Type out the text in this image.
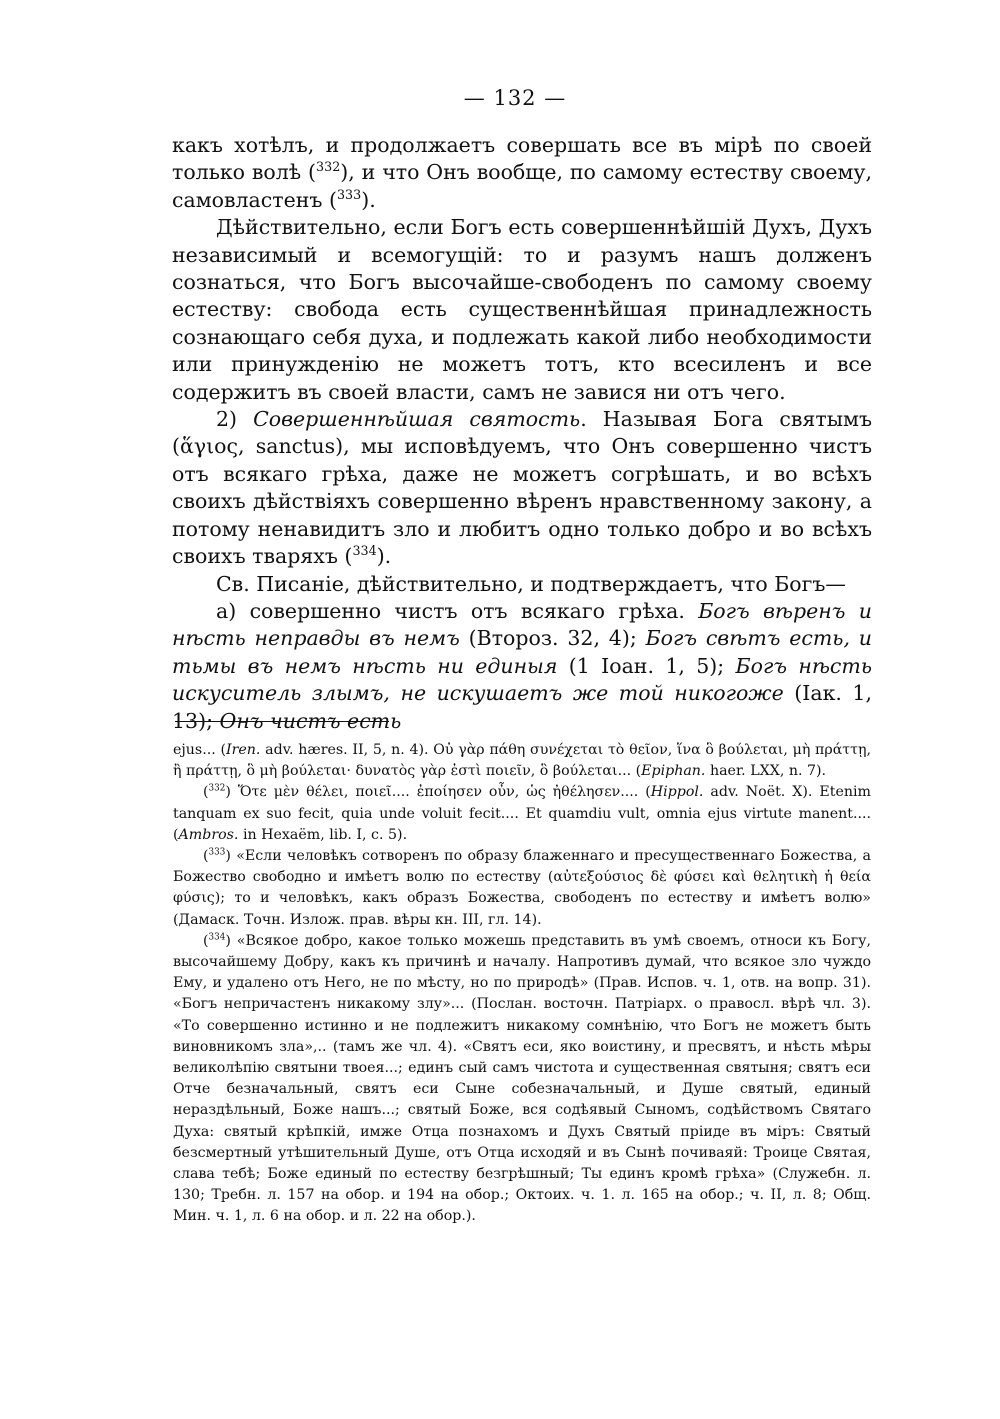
— 132 —

какъ хотѣлъ, и продолжаетъ совершать все въ мірѣ по своей только волѣ ($^{332}$), и что Онъ вообще, по самому естеству своему, самовластенъ ($^{333}$).

Дѣйствительно, если Богъ есть совершеннѣйшій Духъ, Духъ независимый и всемогущій: то и разумъ нашъ долженъ сознаться, что Богъ высочайше-свободенъ по самому своему естеству: свобода есть существеннѣйшая принадлежность сознающаго себя духа, и подлежать какой либо необходимости или принужденію не можетъ тотъ, кто всесиленъ и все содержитъ въ своей власти, самъ не завися ни отъ чего.

2) Совершеннѣйшая святость. Называя Бога святымъ (ἅγιος, sanctus), мы исповѣдуемъ, что Онъ совершенно чистъ отъ всякаго грѣха, даже не можетъ согрѣшать, и во всѣхъ своихъ дѣйствіяхъ совершенно вѣренъ нравственному закону, а потому ненавидитъ зло и любитъ одно только добро и во всѣхъ своихъ тваряхъ ($^{334}$).

Св. Писаніе, дѣйствительно, и подтверждаетъ, что Богъ—

а) совершенно чистъ отъ всякаго грѣха. Богъ вѣренъ и нѣсть неправды въ немъ (Второз. 32, 4); Богъ свѣтъ есть, и тьмы въ немъ нѣсть ни единыя (1 Іоан. 1, 5); Богъ нѣсть искуситель злымъ, не искушаетъ же той никогоже (Іак. 1, 13); Онъ чистъ есть

ejus... (Iren. adv. hæres. II, 5, n. 4). Οὐ γὰρ πάθη συνέχεται τὸ θεῖον, ἵνα ὃ βούλεται, μὴ πράττῃ, ἢ πράττῃ, ὃ μὴ βούλεται· δυνατὸς γὰρ ἐστὶ ποιεῖν, ὃ βούλεται... (Epiphan. haer. LXX, n. 7).

($^{332}$) Ὅτε μὲν θέλει, ποιεῖ.... ἐποίησεν οὖν, ὡς ἠθέλησεν.... (Hippol. adv. Noët. X). Etenim tanquam ex suo fecit, quia unde voluit fecit.... Et quamdiu vult, omnia ejus virtute manent.... (Ambros. in Hexaëm, lib. I, c. 5).

($^{333}$) «Если человѣкъ сотворенъ по образу блаженнаго и пресущественнаго Божества, а Божество свободно и имѣетъ волю по естеству (αὐτεξούσιος δὲ φύσει καὶ θελητικὴ ἡ θεία φύσις); то и человѣкъ, какъ образъ Божества, свободенъ по естеству и имѣетъ волю» (Дамаск. Точн. Излож. прав. вѣры кн. III, гл. 14).

($^{334}$) «Всякое добро, какое только можешь представить въ умѣ своемъ, относи къ Богу, высочайшему Добру, какъ къ причинѣ и началу. Напротивъ думай, что всякое зло чуждо Ему, и удалено отъ Него, не по мѣсту, но по природѣ» (Прав. Испов. ч. 1, отв. на вопр. 31). «Богъ непричастенъ никакому злу»... (Послан. восточн. Патріарх. о правосл. вѣрѣ чл. 3). «То совершенно истинно и не подлежитъ никакому сомнѣнію, что Богъ не можетъ быть виновникомъ зла»,.. (тамъ же чл. 4). «Святъ еси, яко воистину, и пресвятъ, и нѣсть мѣры великолѣпію святыни твоея...; единъ сый самъ чистота и существенная святыня; святъ еси Отче безначальный, святъ еси Сыне собезначальный, и Душе святый, единый нераздѣльный, Боже нашъ...; святый Боже, вся содѣявый Сыномъ, содѣйствомъ Святаго Духа: святый крѣпкій, имже Отца познахомъ и Духъ Святый пріиде въ міръ: Святый безсмертный утѣшительный Душе, отъ Отца исходяй и въ Сынѣ почиваяй: Троице Святая, слава тебѣ; Боже единый по естеству безгрѣшный; Ты единъ кромѣ грѣха» (Служебн. л. 130; Требн. л. 157 на обор. и 194 на обор.; Октоих. ч. 1. л. 165 на обор.; ч. II, л. 8; Общ. Мин. ч. 1, л. 6 на обор. и л. 22 на обор.).
